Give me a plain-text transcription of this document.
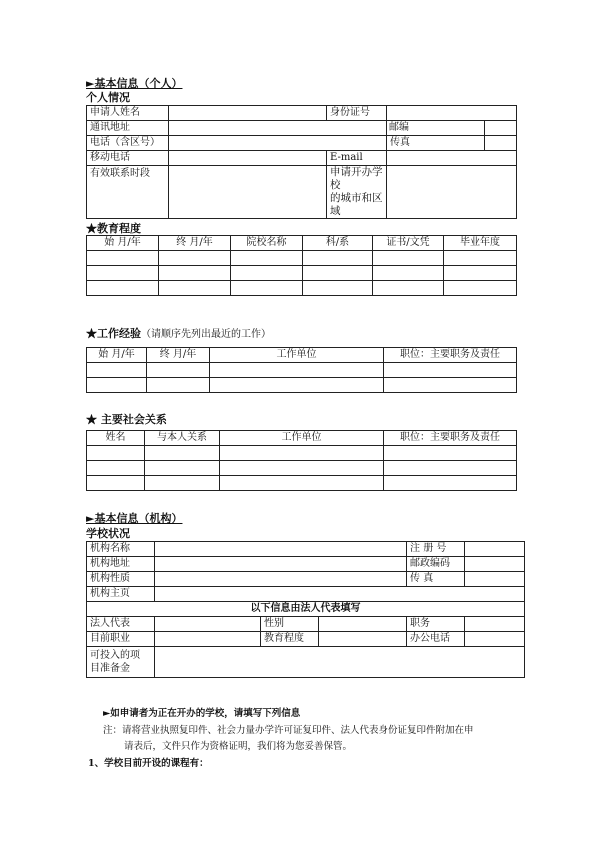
►基本信息（个人）
个人情况
申请人姓名		身份证号		
通讯地址			邮编	
电话（含区号）			传真	
移动电话		E-mail		
有效联系时段		申请开办学校
的城市和区域		

★教育程度
始 月/年	终 月/年	院校名称	科/系	证书/文凭	毕业年度

★工作经验（请顺序先列出最近的工作）
始 月/年	终 月/年	工作单位	职位：主要职务及责任

★ 主要社会关系
姓名	与本人关系	工作单位	职位：主要职务及责任

►基本信息（机构）
学校状况
机构名称				注 册 号	
机构地址				邮政编码	
机构性质				传 真	
机构主页					
以下信息由法人代表填写					
法人代表		性别		职务	
目前职业		教育程度		办公电话	

可投入的项
目准备金					

►如申请者为正在开办的学校，请填写下列信息
注：请将营业执照复印件、社会力量办学许可证复印件、法人代表身份证复印件附加在申
请表后，文件只作为资格证明，我们将为您妥善保管。
1、学校目前开设的课程有：
